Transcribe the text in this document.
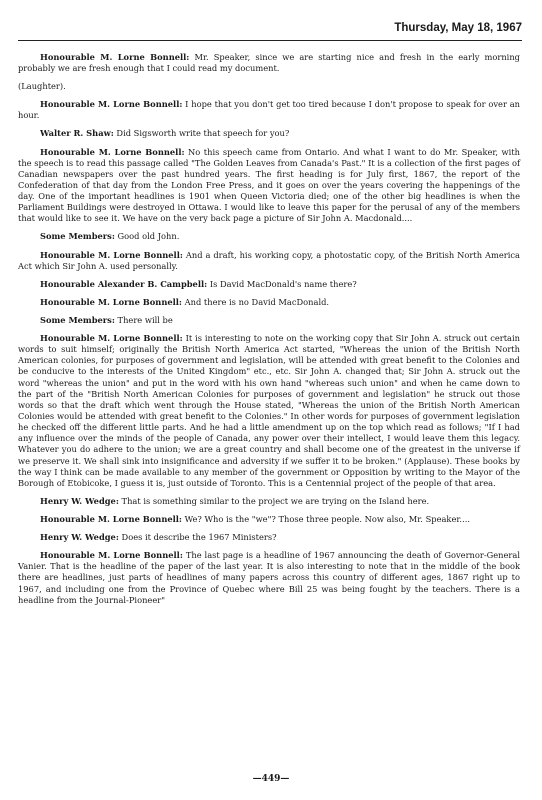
Thursday, May 18, 1967

Honourable M. Lorne Bonnell: Mr. Speaker, since we are starting nice and fresh in the early morning probably we are fresh enough that I could read my document.

(Laughter).

Honourable M. Lorne Bonnell: I hope that you don't get too tired because I don't propose to speak for over an hour.

Walter R. Shaw: Did Sigsworth write that speech for you?

Honourable M. Lorne Bonnell: No this speech came from Ontario. And what I want to do Mr. Speaker, with the speech is to read this passage called "The Golden Leaves from Canada's Past." It is a collection of the first pages of Canadian newspapers over the past hundred years. The first heading is for July first, 1867, the report of the Confederation of that day from the London Free Press, and it goes on over the years covering the happenings of the day. One of the important headlines is 1901 when Queen Victoria died; one of the other big headlines is when the Parliament Buildings were destroyed in Ottawa. I would like to leave this paper for the perusal of any of the members that would like to see it. We have on the very back page a picture of Sir John A. Macdonald....

Some Members: Good old John.

Honourable M. Lorne Bonnell: And a draft, his working copy, a photostatic copy, of the British North America Act which Sir John A. used personally.

Honourable Alexander B. Campbell: Is David MacDonald's name there?

Honourable M. Lorne Bonnell: And there is no David MacDonald.

Some Members: There will be

Honourable M. Lorne Bonnell: It is interesting to note on the working copy that Sir John A. struck out certain words to suit himself; originally the British North America Act started, "Whereas the union of the British North American colonies, for purposes of government and legislation, will be attended with great benefit to the Colonies and be conducive to the interests of the United Kingdom" etc., etc. Sir John A. changed that; Sir John A. struck out the word "whereas the union" and put in the word with his own hand "whereas such union" and when he came down to the part of the "British North American Colonies for purposes of government and legislation" he struck out those words so that the draft which went through the House stated, "Whereas the union of the British North American Colonies would be attended with great benefit to the Colonies." In other words for purposes of government legislation he checked off the different little parts. And he had a little amendment up on the top which read as follows; "If I had any influence over the minds of the people of Canada, any power over their intellect, I would leave them this legacy. Whatever you do adhere to the union; we are a great country and shall become one of the greatest in the universe if we preserve it. We shall sink into insignificance and adversity if we suffer it to be broken." (Applause). These books by the way I think can be made available to any member of the government or Opposition by writing to the Mayor of the Borough of Etobicoke, I guess it is, just outside of Toronto. This is a Centennial project of the people of that area.

Henry W. Wedge: That is something similar to the project we are trying on the Island here.

Honourable M. Lorne Bonnell: We? Who is the "we"? Those three people. Now also, Mr. Speaker....

Henry W. Wedge: Does it describe the 1967 Ministers?

Honourable M. Lorne Bonnell: The last page is a headline of 1967 announcing the death of Governor-General Vanier. That is the headline of the paper of the last year. It is also interesting to note that in the middle of the book there are headlines, just parts of headlines of many papers across this country of different ages, 1867 right up to 1967, and including one from the Province of Quebec where Bill 25 was being fought by the teachers. There is a headline from the Journal-Pioneer"

—449—
